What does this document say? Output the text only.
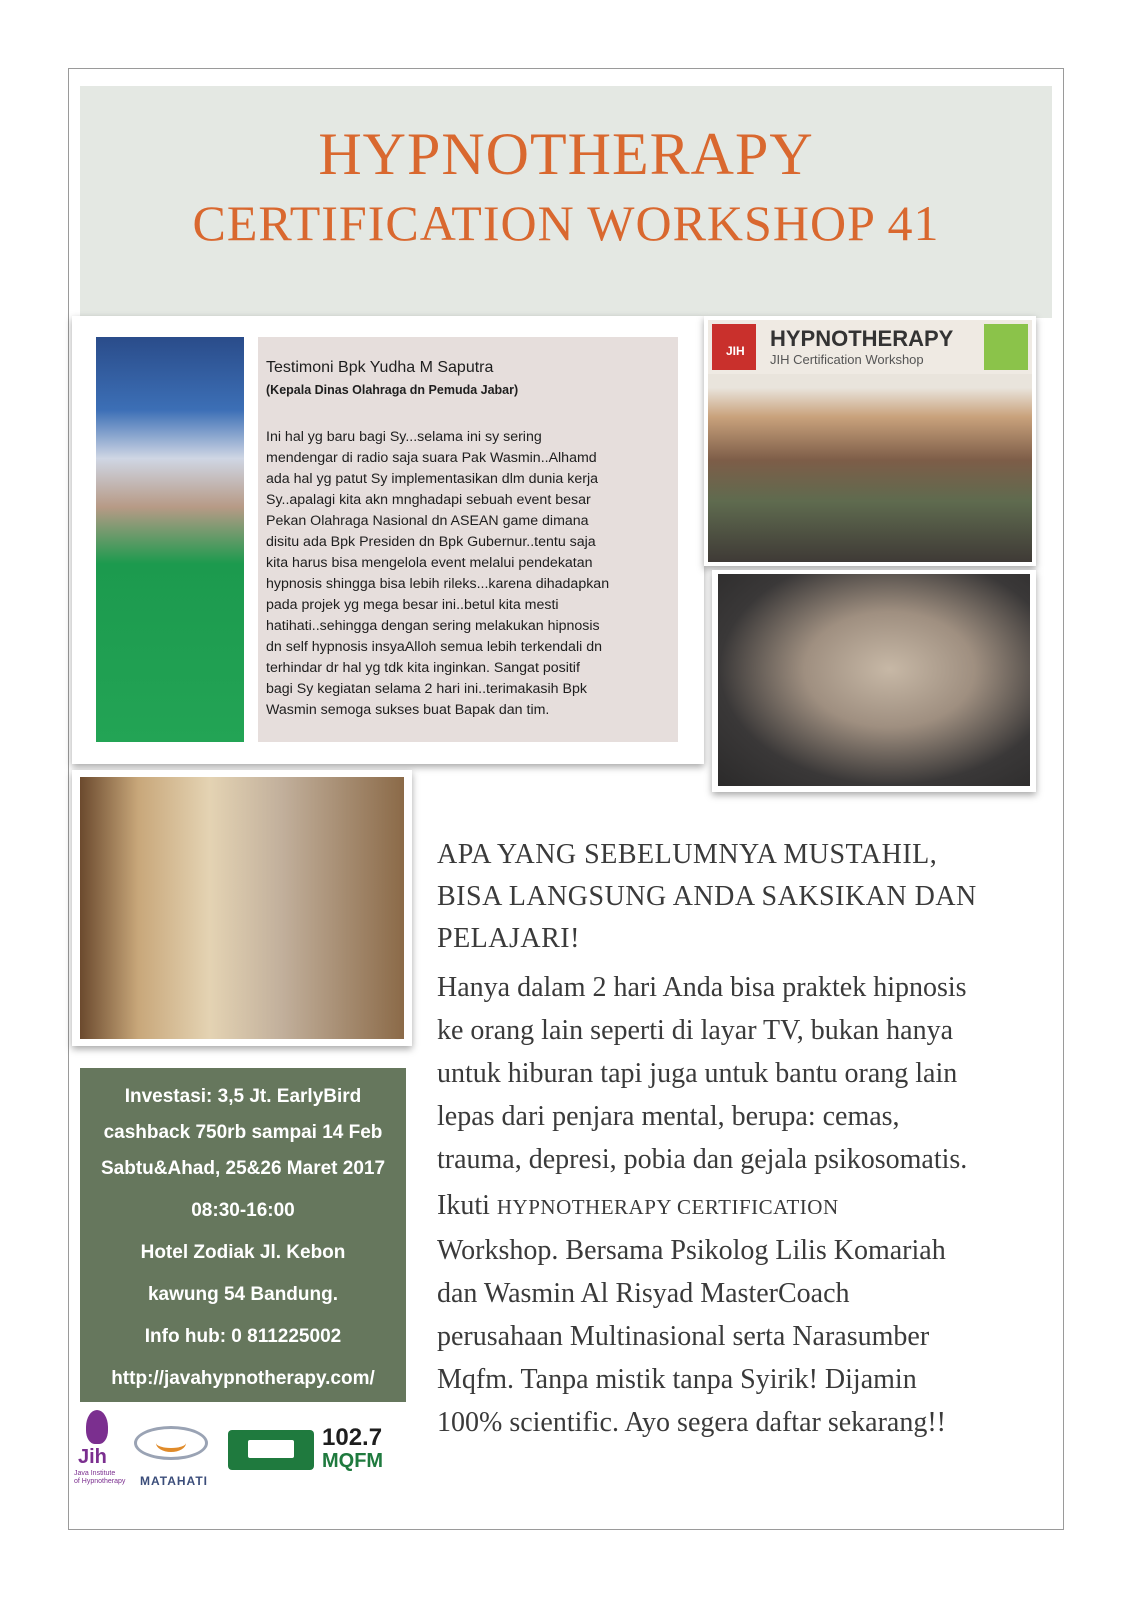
HYPNOTHERAPY
CERTIFICATION WORKSHOP 41
Testimoni Bpk Yudha M Saputra
(Kepala Dinas Olahraga dn Pemuda Jabar)
Ini hal yg baru bagi Sy...selama ini sy sering
mendengar di radio saja suara Pak Wasmin..Alhamd
ada hal yg patut Sy implementasikan dlm dunia kerja
Sy..apalagi kita akn mnghadapi sebuah event besar
Pekan Olahraga Nasional dn ASEAN game dimana
disitu ada Bpk Presiden dn Bpk Gubernur..tentu saja
kita harus bisa mengelola event melalui pendekatan
hypnosis shingga bisa lebih rileks...karena dihadapkan
pada projek yg mega besar ini..betul kita mesti
hatihati..sehingga dengan sering melakukan hipnosis
dn self hypnosis insyaAlloh semua lebih terkendali dn
terhindar dr hal yg tdk kita inginkan. Sangat positif
bagi Sy kegiatan selama 2 hari ini..terimakasih Bpk
Wasmin semoga sukses buat Bapak dan tim.
JIH HYPNOTHERAPY
JIH Certification Workshop
Investasi: 3,5 Jt. EarlyBird
cashback 750rb sampai 14 Feb
Sabtu&Ahad, 25&26 Maret 2017
08:30-16:00
Hotel Zodiak Jl. Kebon
kawung 54 Bandung.
Info hub: 0 811225002
http://javahypnotherapy.com/
Jih
Java Institute
of Hypnotherapy	MATAHATI
102.7
MQFM
APA YANG SEBELUMNYA MUSTAHIL,
BISA LANGSUNG ANDA SAKSIKAN DAN
PELAJARI!
Hanya dalam 2 hari Anda bisa praktek hipnosis
ke orang lain seperti di layar TV, bukan hanya
untuk hiburan tapi juga untuk bantu orang lain
lepas dari penjara mental, berupa: cemas,
trauma, depresi, pobia dan gejala psikosomatis.
Ikuti HYPNOTHERAPY CERTIFICATION
Workshop. Bersama Psikolog Lilis Komariah
dan Wasmin Al Risyad MasterCoach
perusahaan Multinasional serta Narasumber
Mqfm. Tanpa mistik tanpa Syirik! Dijamin
100% scientific. Ayo segera daftar sekarang!!
